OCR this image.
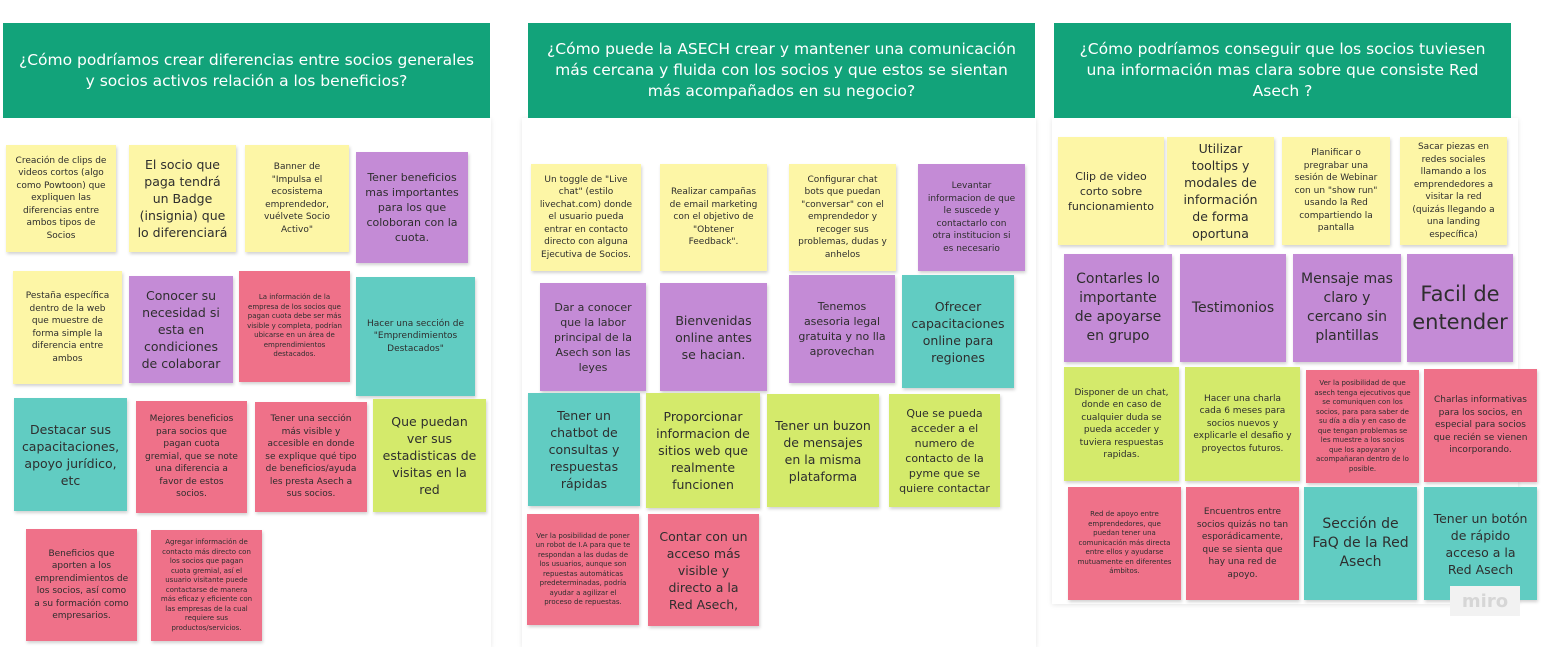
¿Cómo podríamos crear diferencias entre socios generales y socios activos relación a los beneficios?
¿Cómo puede la ASECH crear y mantener una comunicación más cercana y fluida con los socios y que estos se sientan más acompañados en su negocio?
¿Cómo podríamos conseguir que los socios tuviesen una información mas clara sobre que consiste Red Asech ?
Creación de clips de videos cortos (algo como Powtoon) que expliquen las diferencias entre ambos tipos de Socios
El socio que paga tendrá un Badge (insignia) que lo diferenciará
Banner de "Impulsa el ecosistema emprendedor, vuélvete Socio Activo"
Tener beneficios mas importantes para los que coloboran con la cuota.
Pestaña específica dentro de la web que muestre de forma simple la diferencia entre ambos
Conocer su necesidad si esta en condiciones de colaborar
La información de la empresa de los socios que pagan cuota debe ser más visible y completa, podrían ubicarse en un área de emprendimientos destacados.
Hacer una sección de "Emprendimientos Destacados"
Destacar sus capacitaciones, apoyo jurídico, etc
Mejores beneficios para socios que pagan cuota gremial, que se note una diferencia a favor de estos socios.
Tener una sección más visible y accesible en donde se explique qué tipo de beneficios/ayuda les presta Asech a sus socios.
Que puedan ver sus estadisticas de visitas en la red
Beneficios que aporten a los emprendimientos de los socios, así como a su formación como empresarios.
Agregar información de contacto más directo con los socios que pagan cuota gremial, así el usuario visitante puede contactarse de manera más eficaz y eficiente con las empresas de la cual requiere sus productos/servicios.
Un toggle de "Live chat" (estilo livechat.com) donde el usuario pueda entrar en contacto directo con alguna Ejecutiva de Socios.
Realizar campañas de email marketing con el objetivo de "Obtener Feedback".
Configurar chat bots que puedan "conversar" con el emprendedor y recoger sus problemas, dudas y anhelos
Levantar informacion de que le suscede y contactarlo con otra institucion si es necesario
Dar a conocer que la labor principal de la Asech son las leyes
Bienvenidas online antes se hacian.
Tenemos asesoria legal gratuita y no lla aprovechan
Ofrecer capacitaciones online para regiones
Tener un chatbot de consultas y respuestas rápidas
Proporcionar informacion de sitios web que realmente funcionen
Tener un buzon de mensajes en la misma plataforma
Que se pueda acceder a el numero de contacto de la pyme que se quiere contactar
Ver la posibilidad de poner un robot de I.A para que te respondan a las dudas de los usuarios, aunque son repuestas automáticas predeterminadas, podría ayudar a agilizar el proceso de repuestas.
Contar con un acceso más visible y directo a la Red Asech,
Clip de video corto sobre funcionamiento
Utilizar tooltips y modales de información de forma oportuna
Planificar o pregrabar una sesión de Webinar con un "show run" usando la Red compartiendo la pantalla
Sacar piezas en redes sociales llamando a los emprendedores a visitar la red (quizás llegando a una landing específica)
Contarles lo importante de apoyarse en grupo
Testimonios
Mensaje mas claro y cercano sin plantillas
Facil de entender
Disponer de un chat, donde en caso de cualquier duda se pueda acceder y tuviera respuestas rapidas.
Hacer una charla cada 6 meses para socios nuevos y explicarle el desafio y proyectos futuros.
Ver la posibilidad de que asech tenga ejecutivos que se comuniquen con los socios, para para saber de su día a día y en caso de que tengan problemas se les muestre a los socios que los apoyaran y acompañaran dentro de lo posible.
Charlas informativas para los socios, en especial para socios que recién se vienen incorporando.
Red de apoyo entre emprendedores, que puedan tener una comunicación más directa entre ellos y ayudarse mutuamente en diferentes ámbitos.
Encuentros entre socios quizás no tan esporádicamente, que se sienta que hay una red de apoyo.
Sección de FaQ de la Red Asech
Tener un botón de rápido acceso a la Red Asech
miro
